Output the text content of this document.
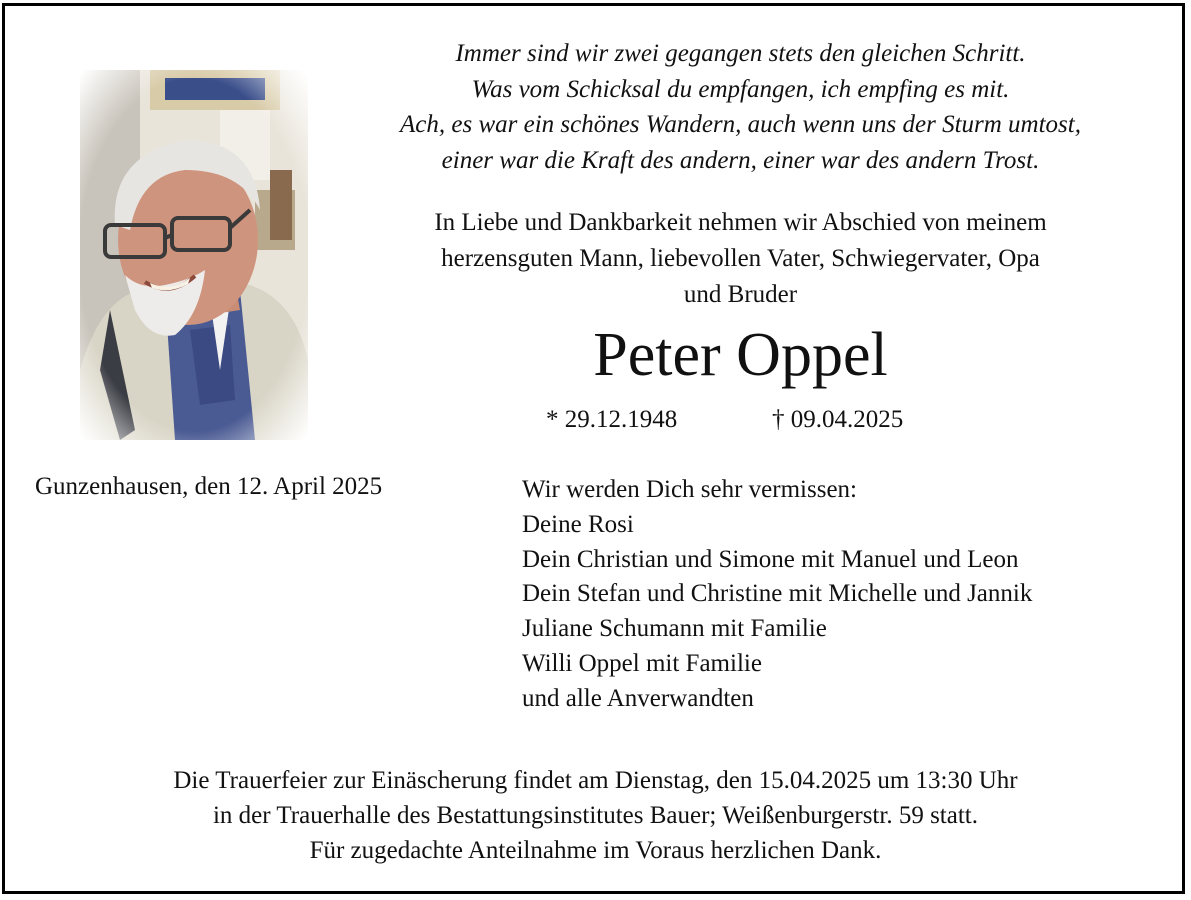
Immer sind wir zwei gegangen stets den gleichen Schritt.
Was vom Schicksal du empfangen, ich empfing es mit.
Ach, es war ein schönes Wandern, auch wenn uns der Sturm umtost,
einer war die Kraft des andern, einer war des andern Trost.
In Liebe und Dankbarkeit nehmen wir Abschied von meinem
herzensguten Mann, liebevollen Vater, Schwiegervater, Opa
und Bruder
Peter Oppel
* 29.12.1948	† 09.04.2025
Gunzenhausen, den 12. April 2025	Wir werden Dich sehr vermissen:
Deine Rosi
Dein Christian und Simone mit Manuel und Leon
Dein Stefan und Christine mit Michelle und Jannik
Juliane Schumann mit Familie
Willi Oppel mit Familie
und alle Anverwandten
Die Trauerfeier zur Einäscherung findet am Dienstag, den 15.04.2025 um 13:30 Uhr
in der Trauerhalle des Bestattungsinstitutes Bauer; Weißenburgerstr. 59 statt.
Für zugedachte Anteilnahme im Voraus herzlichen Dank.
